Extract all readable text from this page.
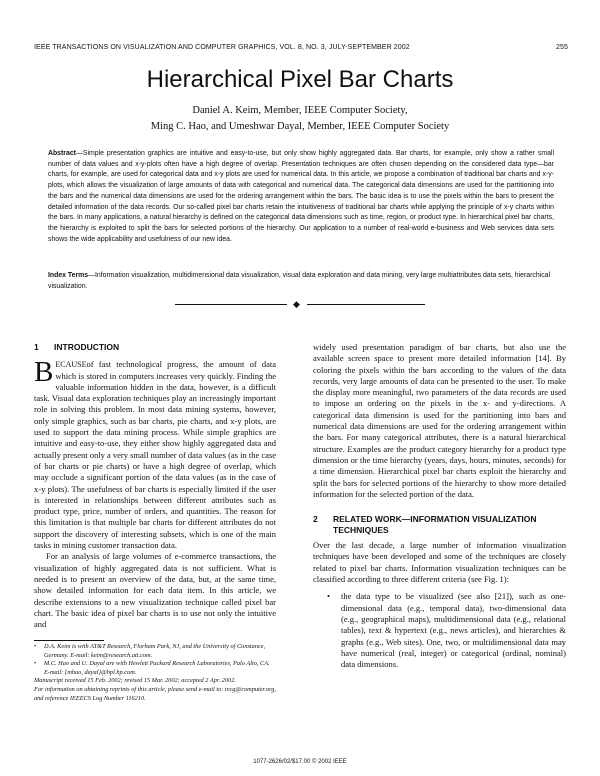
IEEE TRANSACTIONS ON VISUALIZATION AND COMPUTER GRAPHICS, VOL. 8, NO. 3, JULY-SEPTEMBER 2002	255
Hierarchical Pixel Bar Charts
Daniel A. Keim, Member, IEEE Computer Society,
Ming C. Hao, and Umeshwar Dayal, Member, IEEE Computer Society
Abstract—Simple presentation graphics are intuitive and easy-to-use, but only show highly aggregated data. Bar charts, for example, only show a rather small number of data values and x-y-plots often have a high degree of overlap. Presentation techniques are often chosen depending on the considered data type—bar charts, for example, are used for categorical data and x-y plots are used for numerical data. In this article, we propose a combination of traditional bar charts and x-y-plots, which allows the visualization of large amounts of data with categorical and numerical data. The categorical data dimensions are used for the partitioning into the bars and the numerical data dimensions are used for the ordering arrangement within the bars. The basic idea is to use the pixels within the bars to present the detailed information of the data records. Our so-called pixel bar charts retain the intuitiveness of traditional bar charts while applying the principle of x-y charts within the bars. In many applications, a natural hierarchy is defined on the categorical data dimensions such as time, region, or product type. In hierarchical pixel bar charts, the hierarchy is exploited to split the bars for selected portions of the hierarchy. Our application to a number of real-world e-business and Web services data sets shows the wide applicability and usefulness of our new idea.
Index Terms—Information visualization, multidimensional data visualization, visual data exploration and data mining, very large multiattributes data sets, hierarchical visualization.
◆
1 INTRODUCTION

BECAUSEof fast technological progress, the amount of data which is stored in computers increases very quickly. Finding the valuable information hidden in the data, however, is a difficult task. Visual data exploration techniques play an increasingly important role in solving this problem. In most data mining systems, however, only simple graphics, such as bar charts, pie charts, and x-y plots, are used to support the data mining process. While simple graphics are intuitive and easy-to-use, they either show highly aggregated data and actually present only a very small number of data values (as in the case of bar charts or pie charts) or have a high degree of overlap, which may occlude a significant portion of the data values (as in the case of x-y plots). The usefulness of bar charts is especially limited if the user is interested in relationships between different attributes such as product type, price, number of orders, and quantities. The reason for this limitation is that multiple bar charts for different attributes do not support the discovery of interesting subsets, which is one of the main tasks in mining customer transaction data.

For an analysis of large volumes of e-commerce transactions, the visualization of highly aggregated data is not sufficient. What is needed is to present an overview of the data, but, at the same time, show detailed information for each data item. In this article, we describe extensions to a new visualization technique called pixel bar chart. The basic idea of pixel bar charts is to use not only the intuitive and

• D.A. Keim is with AT&T Research, Florham Park, NJ, and the University of Constance, Germany. E-mail: keim@research.att.com.
• M.C. Hao and U. Dayal are with Hewlett Packard Research Laboratories, Palo Alto, CA. E-mail: {mhao, dayal}@hpl.hp.com.
Manuscript received 15 Feb. 2002; revised 15 Mar. 2002; accepted 2 Apr. 2002.
For information on obtaining reprints of this article, please send e-mail to: tvcg@computer.org, and reference IEEECS Log Number 116210.

widely used presentation paradigm of bar charts, but also use the available screen space to present more detailed information [14]. By coloring the pixels within the bars according to the values of the data records, very large amounts of data can be presented to the user. To make the display more meaningful, two parameters of the data records are used to impose an ordering on the pixels in the x- and y-directions. A categorical data dimension is used for the partitioning into bars and numerical data dimensions are used for the ordering arrangement within the bars. For many categorical attributes, there is a natural hierarchical structure. Examples are the product category hierarchy for a product type dimension or the time hierarchy (years, days, hours, minutes, seconds) for a time dimension. Hierarchical pixel bar charts exploit the hierarchy and split the bars for selected portions of the hierarchy to show more detailed information for the selected portion of the data.

2 RELATED WORK—INFORMATION VISUALIZATION
TECHNIQUES

Over the last decade, a large number of information visualization techniques have been developed and some of the techniques are closely related to pixel bar charts. Information visualization techniques can be classified according to three different criteria (see Fig. 1):

• the data type to be visualized (see also [21]), such as one-dimensional data (e.g., temporal data), two-dimensional data (e.g., geographical maps), multidimensional data (e.g., relational tables), text & hypertext (e.g., news articles), and hierarchies & graphs (e.g., Web sites). One, two, or multidimensional data may have numerical (real, integer) or categorical (ordinal, nominal) data dimensions.
1077-2626/02/$17.00 © 2002 IEEE
